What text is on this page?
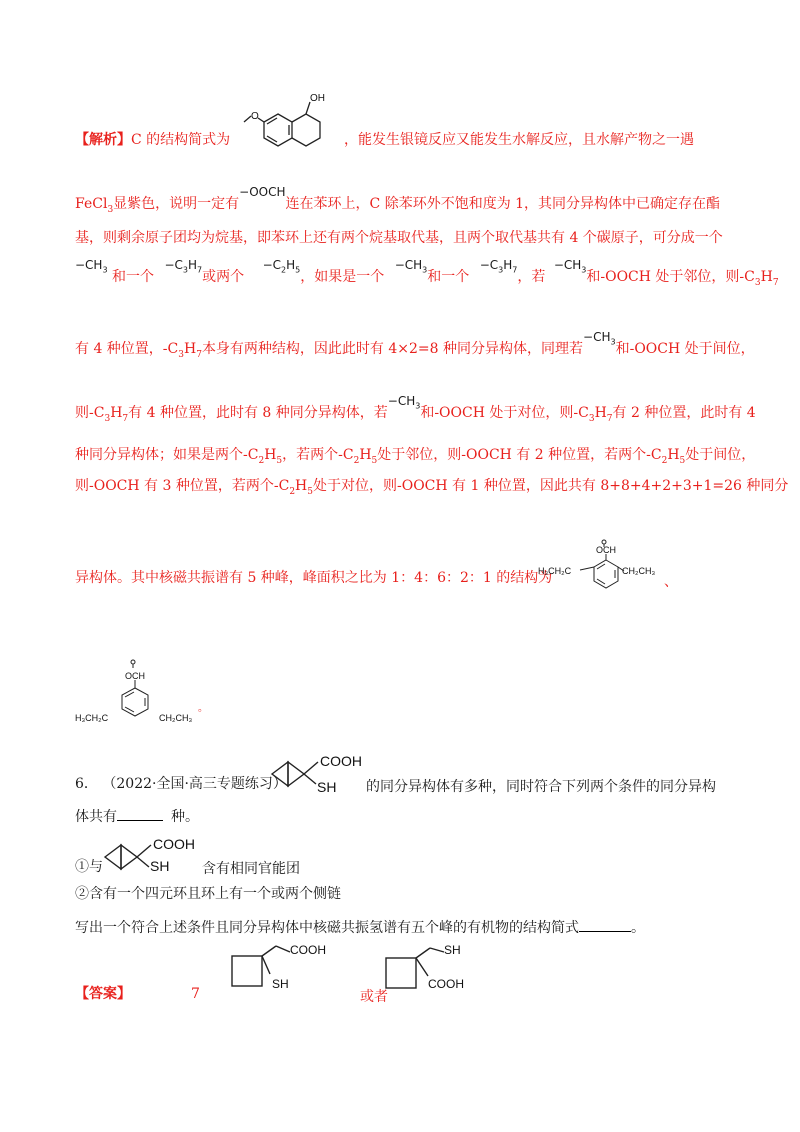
【解析】C 的结构简式为
OH
O
，能发生银镜反应又能发生水解反应，且水解产物之一遇
FeCl$_3$显紫色，说明一定有−OOCH连在苯环上，C 除苯环外不饱和度为 1，其同分异构体中已确定存在酯
基，则剩余原子团均为烷基，即苯环上还有两个烷基取代基，且两个取代基共有 4 个碳原子，可分成一个
$-CH_3$ 和一个 $-C_3H_7$或两个 $-C_2H_5$，如果是一个 $-CH_3$和一个 $-C_3H_7$，若 $-CH_3$和-OOCH 处于邻位，则$-C_3H_7$
有 4 种位置，$-C_3H_7$本身有两种结构，因此此时有 4×2=8 种同分异构体，同理若$-CH_3$和-OOCH 处于间位，
则$-C_3H_7$有 4 种位置，此时有 8 种同分异构体，若$-CH_3$和-OOCH 处于对位，则$-C_3H_7$有 2 种位置，此时有 4
种同分异构体；如果是两个$-C_2H_5$，若两个$-C_2H_5$处于邻位，则-OOCH 有 2 种位置，若两个$-C_2H_5$处于间位，
则-OOCH 有 3 种位置，若两个$-C_2H_5$处于对位，则-OOCH 有 1 种位置，因此共有 8+8+4+2+3+1=26 种同分
异构体。其中核磁共振谱有 5 种峰，峰面积之比为 1：4：6：2：1 的结构为
OCH
H₃CH₂C	CH₂CH₃
、
OCH
H₃CH₂C	CH₂CH₃
。
6． （2022·全国·高三专题练习）
COOH
SH 的同分异构体有多种，同时符合下列两个条件的同分异构
体共有	种。
①与
COOH
SH 含有相同官能团
②含有一个四元环且环上有一个或两个侧链
写出一个符合上述条件且同分异构体中核磁共振氢谱有五个峰的有机物的结构简式	。
【答案】	7
COOH
SH
或者
SH
COOH
